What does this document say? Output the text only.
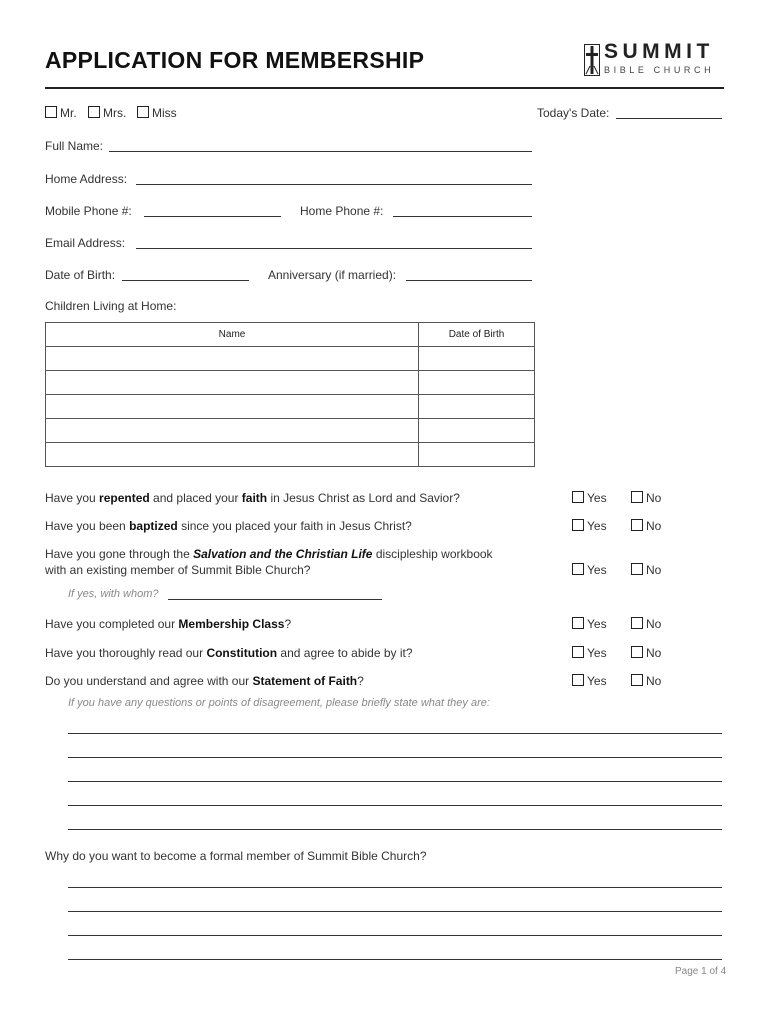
APPLICATION FOR MEMBERSHIP	SUMMIT
BIBLE CHURCH
Mr.	Mrs.	Miss	Today's Date:
Full Name:
Home Address:
Mobile Phone #:	Home Phone #:
Email Address:
Date of Birth:	Anniversary (if married):
Children Living at Home:
Name	Date of Birth

Have you repented and placed your faith in Jesus Christ as Lord and Savior?	Yes	No
Have you been baptized since you placed your faith in Jesus Christ?	Yes	No
Have you gone through the Salvation and the Christian Life discipleship workbook
with an existing member of Summit Bible Church?	Yes	No
If yes, with whom?
Have you completed our Membership Class?	Yes	No
Have you thoroughly read our Constitution and agree to abide by it?	Yes	No
Do you understand and agree with our Statement of Faith?	Yes	No
If you have any questions or points of disagreement, please briefly state what they are:
Why do you want to become a formal member of Summit Bible Church?
Page 1 of 4
